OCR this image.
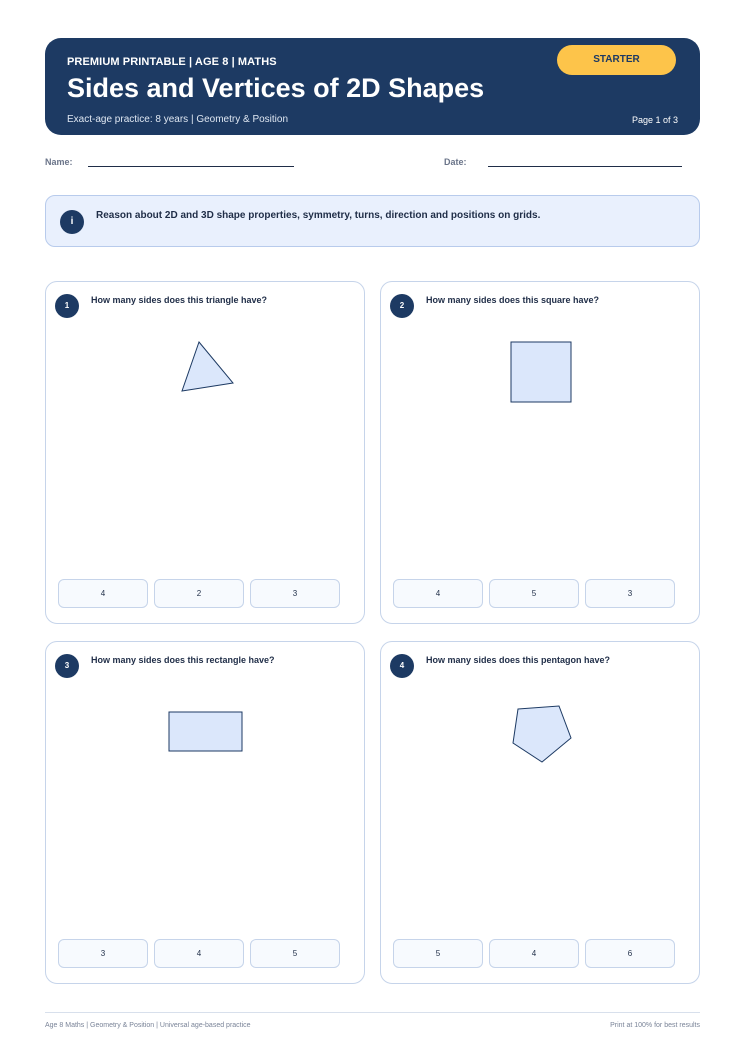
PREMIUM PRINTABLE | AGE 8 | MATHS
Sides and Vertices of 2D Shapes
Exact-age practice: 8 years | Geometry & Position	Page 1 of 3
STARTER
Name:	Date:
i
Reason about 2D and 3D shape properties, symmetry, turns, direction and positions on grids.
1
How many sides does this triangle have?
4	2	3
2
How many sides does this square have?
4	5	3
3
How many sides does this rectangle have?
3	4	5
4
How many sides does this pentagon have?
5	4	6
Age 8 Maths | Geometry & Position | Universal age-based practice	Print at 100% for best results
